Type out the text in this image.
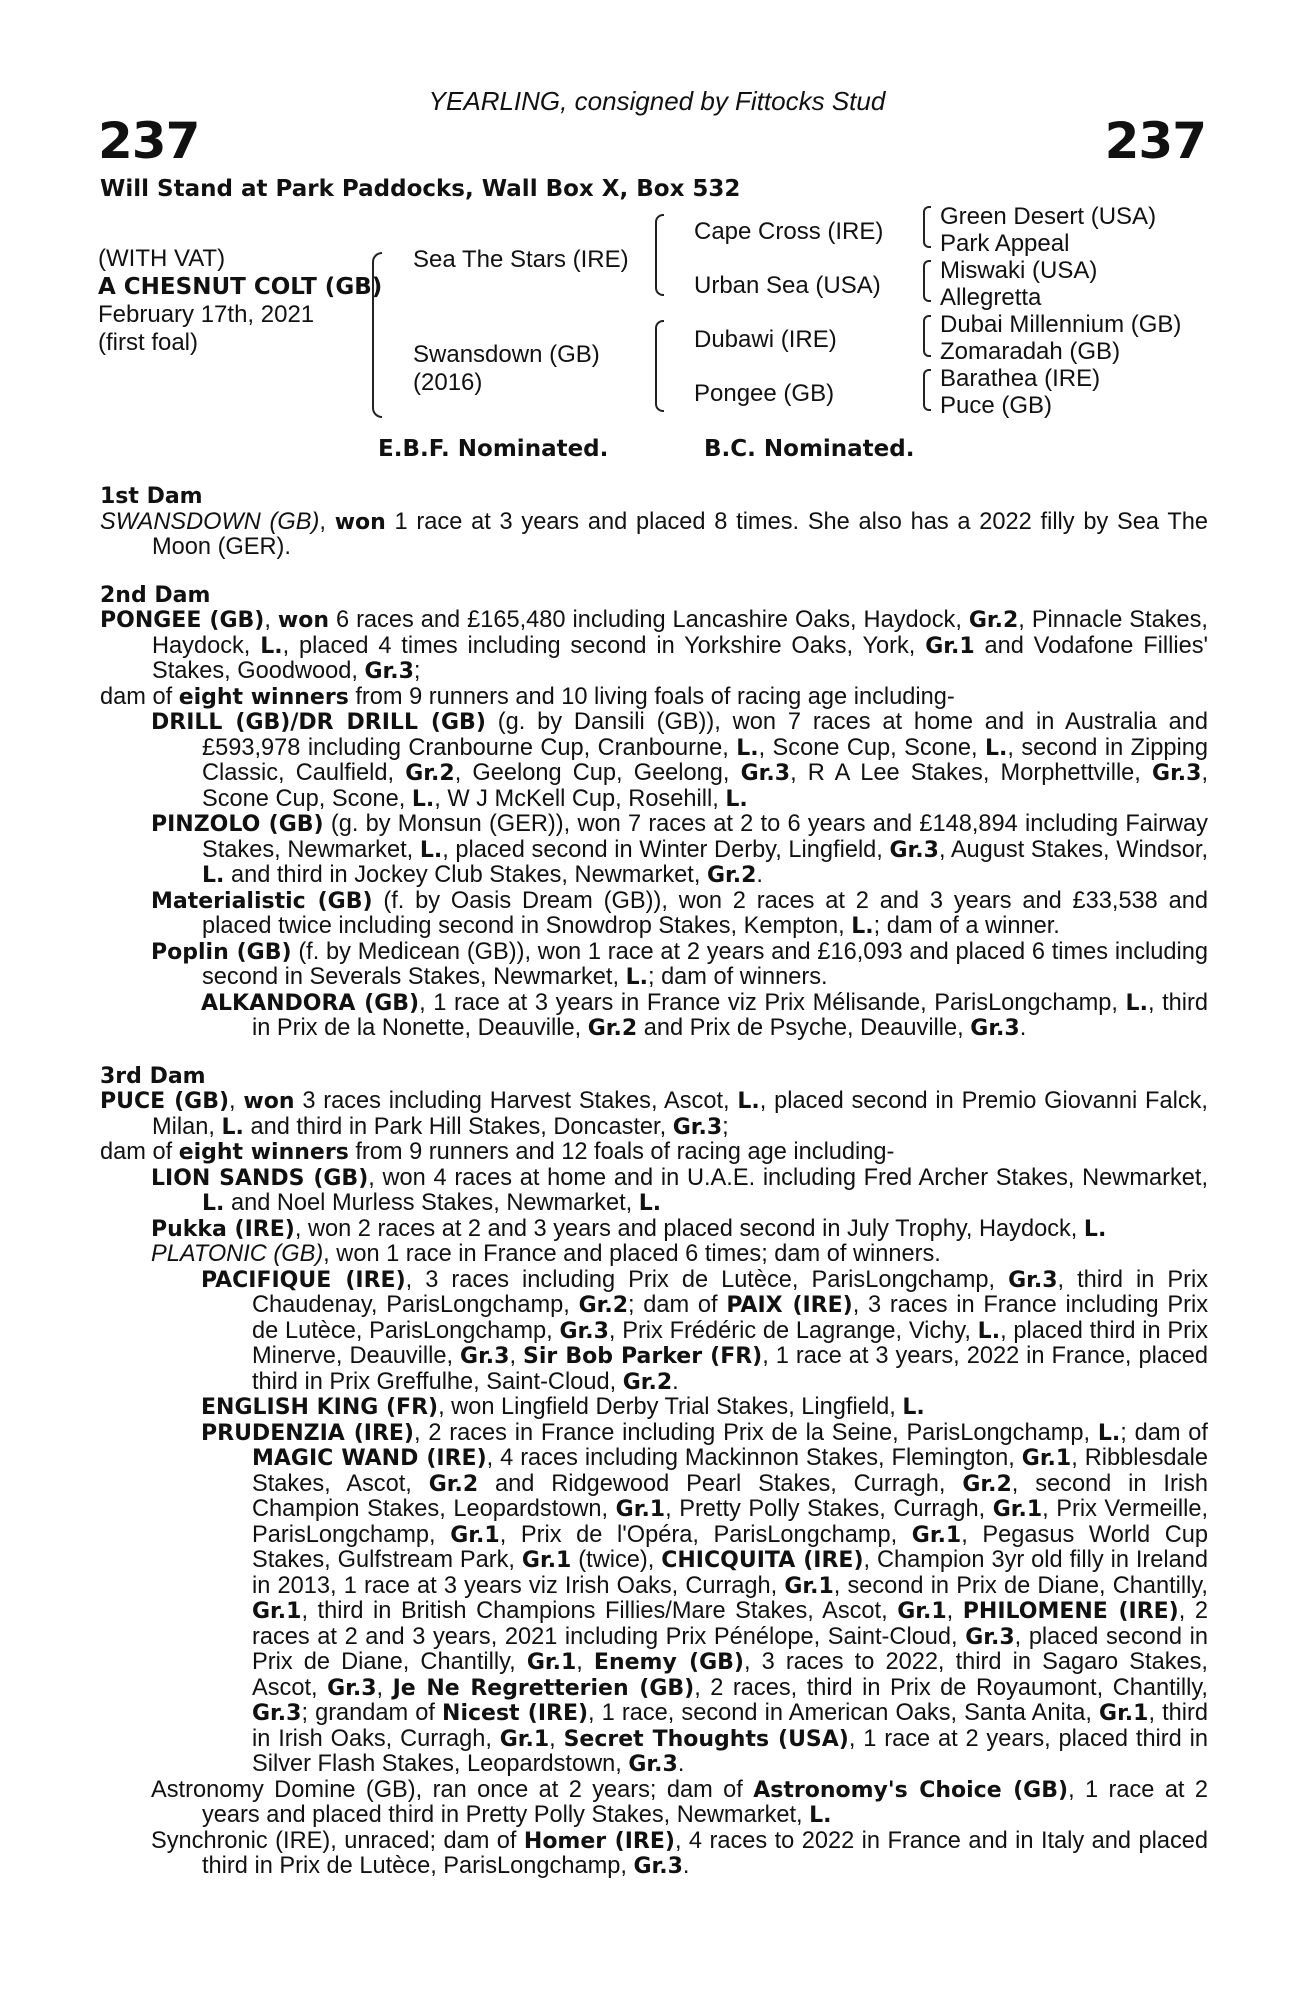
YEARLING, consigned by Fittocks Stud
237	237
Will Stand at Park Paddocks, Wall Box X, Box 532
(WITH VAT)
A CHESNUT COLT (GB)
February 17th, 2021
(first foal)
Sea The Stars (IRE)
Swansdown (GB)
(2016)
Cape Cross (IRE)
Urban Sea (USA)
Dubawi (IRE)
Pongee (GB)
Green Desert (USA)
Park Appeal
Miswaki (USA)
Allegretta
Dubai Millennium (GB)
Zomaradah (GB)
Barathea (IRE)
Puce (GB)
E.B.F. Nominated.	B.C. Nominated.
1st Dam
SWANSDOWN (GB), won 1 race at 3 years and placed 8 times. She also has a 2022 filly by Sea The Moon (GER).
2nd Dam
PONGEE (GB), won 6 races and £165,480 including Lancashire Oaks, Haydock, Gr.2, Pinnacle Stakes, Haydock, L., placed 4 times including second in Yorkshire Oaks, York, Gr.1 and Vodafone Fillies' Stakes, Goodwood, Gr.3;
dam of eight winners from 9 runners and 10 living foals of racing age including-
DRILL (GB)/DR DRILL (GB) (g. by Dansili (GB)), won 7 races at home and in Australia and £593,978 including Cranbourne Cup, Cranbourne, L., Scone Cup, Scone, L., second in Zipping Classic, Caulfield, Gr.2, Geelong Cup, Geelong, Gr.3, R A Lee Stakes, Morphettville, Gr.3, Scone Cup, Scone, L., W J McKell Cup, Rosehill, L.
PINZOLO (GB) (g. by Monsun (GER)), won 7 races at 2 to 6 years and £148,894 including Fairway Stakes, Newmarket, L., placed second in Winter Derby, Lingfield, Gr.3, August Stakes, Windsor, L. and third in Jockey Club Stakes, Newmarket, Gr.2.
Materialistic (GB) (f. by Oasis Dream (GB)), won 2 races at 2 and 3 years and £33,538 and placed twice including second in Snowdrop Stakes, Kempton, L.; dam of a winner.
Poplin (GB) (f. by Medicean (GB)), won 1 race at 2 years and £16,093 and placed 6 times including second in Severals Stakes, Newmarket, L.; dam of winners.
ALKANDORA (GB), 1 race at 3 years in France viz Prix Mélisande, ParisLongchamp, L., third in Prix de la Nonette, Deauville, Gr.2 and Prix de Psyche, Deauville, Gr.3.
3rd Dam
PUCE (GB), won 3 races including Harvest Stakes, Ascot, L., placed second in Premio Giovanni Falck, Milan, L. and third in Park Hill Stakes, Doncaster, Gr.3;
dam of eight winners from 9 runners and 12 foals of racing age including-
LION SANDS (GB), won 4 races at home and in U.A.E. including Fred Archer Stakes, Newmarket, L. and Noel Murless Stakes, Newmarket, L.
Pukka (IRE), won 2 races at 2 and 3 years and placed second in July Trophy, Haydock, L.
PLATONIC (GB), won 1 race in France and placed 6 times; dam of winners.
PACIFIQUE (IRE), 3 races including Prix de Lutèce, ParisLongchamp, Gr.3, third in Prix Chaudenay, ParisLongchamp, Gr.2; dam of PAIX (IRE), 3 races in France including Prix de Lutèce, ParisLongchamp, Gr.3, Prix Frédéric de Lagrange, Vichy, L., placed third in Prix Minerve, Deauville, Gr.3, Sir Bob Parker (FR), 1 race at 3 years, 2022 in France, placed third in Prix Greffulhe, Saint-Cloud, Gr.2.
ENGLISH KING (FR), won Lingfield Derby Trial Stakes, Lingfield, L.
PRUDENZIA (IRE), 2 races in France including Prix de la Seine, ParisLongchamp, L.; dam of MAGIC WAND (IRE), 4 races including Mackinnon Stakes, Flemington, Gr.1, Ribblesdale Stakes, Ascot, Gr.2 and Ridgewood Pearl Stakes, Curragh, Gr.2, second in Irish Champion Stakes, Leopardstown, Gr.1, Pretty Polly Stakes, Curragh, Gr.1, Prix Vermeille, ParisLongchamp, Gr.1, Prix de l'Opéra, ParisLongchamp, Gr.1, Pegasus World Cup Stakes, Gulfstream Park, Gr.1 (twice), CHICQUITA (IRE), Champion 3yr old filly in Ireland in 2013, 1 race at 3 years viz Irish Oaks, Curragh, Gr.1, second in Prix de Diane, Chantilly, Gr.1, third in British Champions Fillies/Mare Stakes, Ascot, Gr.1, PHILOMENE (IRE), 2 races at 2 and 3 years, 2021 including Prix Pénélope, Saint-Cloud, Gr.3, placed second in Prix de Diane, Chantilly, Gr.1, Enemy (GB), 3 races to 2022, third in Sagaro Stakes, Ascot, Gr.3, Je Ne Regretterien (GB), 2 races, third in Prix de Royaumont, Chantilly, Gr.3; grandam of Nicest (IRE), 1 race, second in American Oaks, Santa Anita, Gr.1, third in Irish Oaks, Curragh, Gr.1, Secret Thoughts (USA), 1 race at 2 years, placed third in Silver Flash Stakes, Leopardstown, Gr.3.
Astronomy Domine (GB), ran once at 2 years; dam of Astronomy's Choice (GB), 1 race at 2 years and placed third in Pretty Polly Stakes, Newmarket, L.
Synchronic (IRE), unraced; dam of Homer (IRE), 4 races to 2022 in France and in Italy and placed third in Prix de Lutèce, ParisLongchamp, Gr.3.
